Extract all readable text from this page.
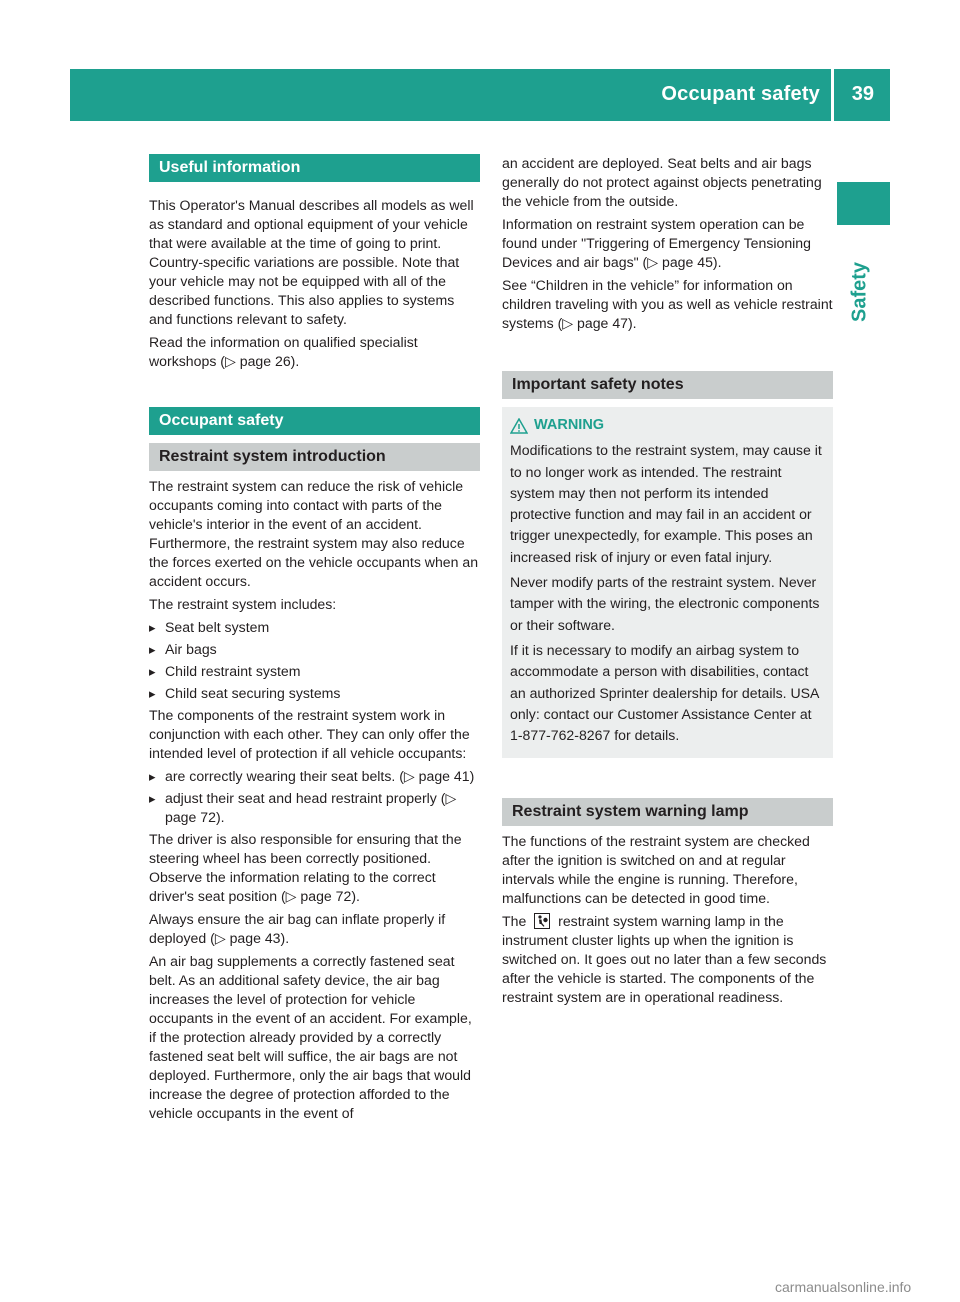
Occupant safety 39
Safety
Useful information

This Operator's Manual describes all models as well as standard and optional equipment of your vehicle that were available at the time of going to print. Country-specific variations are possible. Note that your vehicle may not be equipped with all of the described functions. This also applies to systems and functions relevant to safety.

Read the information on qualified specialist workshops (▷ page 26).

Occupant safety
Restraint system introduction

The restraint system can reduce the risk of vehicle occupants coming into contact with parts of the vehicle's interior in the event of an accident. Furthermore, the restraint system may also reduce the forces exerted on the vehicle occupants when an accident occurs.

The restraint system includes:

▸ Seat belt system
▸ Air bags
▸ Child restraint system
▸ Child seat securing systems

The components of the restraint system work in conjunction with each other. They can only offer the intended level of protection if all vehicle occupants:

▸ are correctly wearing their seat belts. (▷ page 41)
▸ adjust their seat and head restraint properly (▷ page 72).

The driver is also responsible for ensuring that the steering wheel has been correctly positioned. Observe the information relating to the correct driver's seat position (▷ page 72).

Always ensure the air bag can inflate properly if deployed (▷ page 43).

An air bag supplements a correctly fastened seat belt. As an additional safety device, the air bag increases the level of protection for vehicle occupants in the event of an accident. For example, if the protection already provided by a correctly fastened seat belt will suffice, the air bags are not deployed. Furthermore, only the air bags that would increase the degree of protection afforded to the vehicle occupants in the event of

an accident are deployed. Seat belts and air bags generally do not protect against objects penetrating the vehicle from the outside.

Information on restraint system operation can be found under "Triggering of Emergency Tensioning Devices and air bags" (▷ page 45).

See “Children in the vehicle” for information on children traveling with you as well as vehicle restraint systems (▷ page 47).

Important safety notes
WARNING

Modifications to the restraint system, may cause it to no longer work as intended. The restraint system may then not perform its intended protective function and may fail in an accident or trigger unexpectedly, for example. This poses an increased risk of injury or even fatal injury.

Never modify parts of the restraint system. Never tamper with the wiring, the electronic components or their software.

If it is necessary to modify an airbag system to accommodate a person with disabilities, contact an authorized Sprinter dealership for details. USA only: contact our Customer Assistance Center at 1-877-762-8267 for details.

Restraint system warning lamp

The functions of the restraint system are checked after the ignition is switched on and at regular intervals while the engine is running. Therefore, malfunctions can be detected in good time.

The restraint system warning lamp in the instrument cluster lights up when the ignition is switched on. It goes out no later than a few seconds after the vehicle is started. The components of the restraint system are in operational readiness.

carmanualsonline.info
